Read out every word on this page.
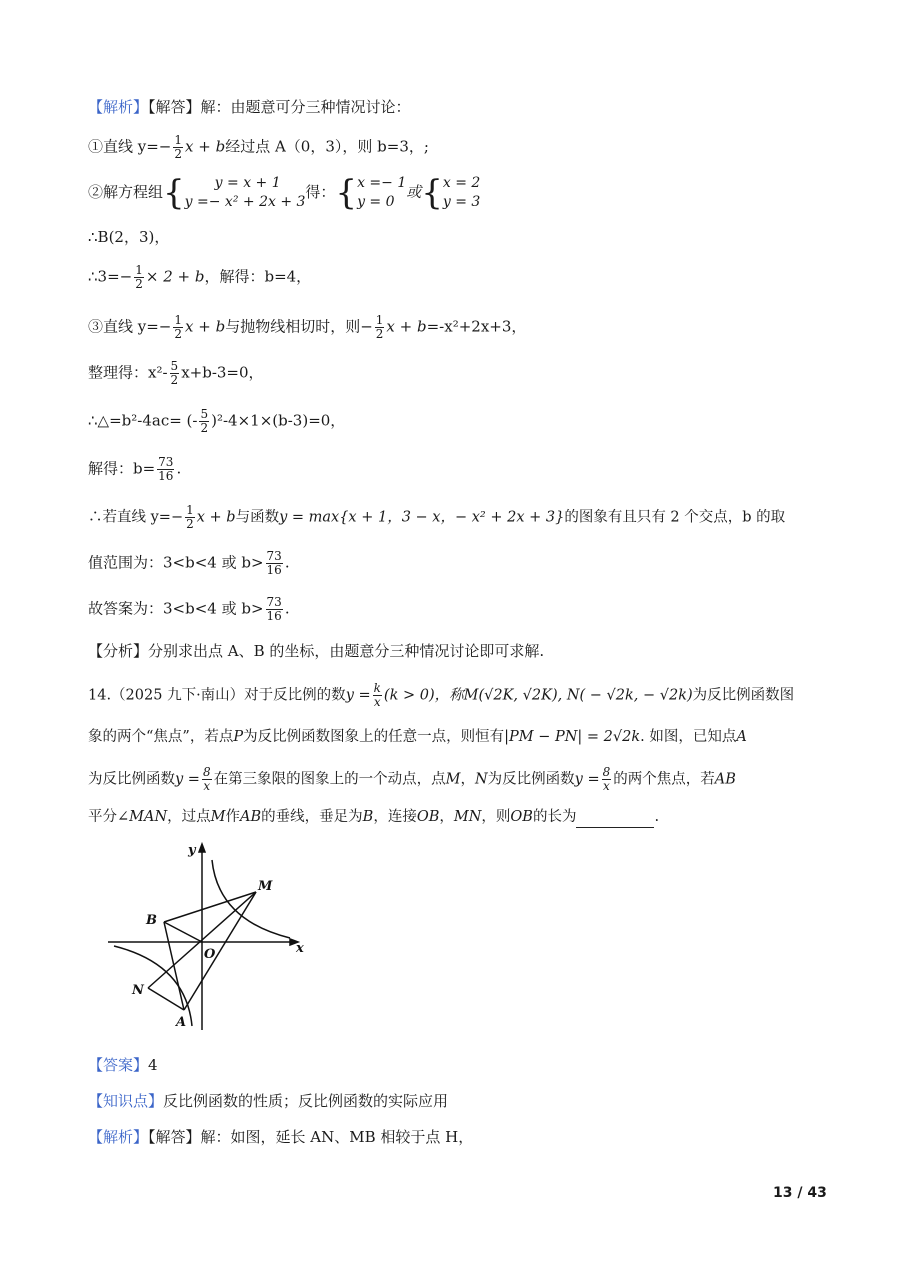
【解析】【解答】解：由题意可分三种情况讨论：
①直线 $y=- \frac{1}{2}$ x + b经过点 A（0，3），则 b=3，;
②解方程组{	y = x + 1
y =− x² + 2x + 3
得：{ x =− 1
y = 0
或{ x = 2
y = 3
∴B(2，3)，
∴3=− $\frac{1}{2} \times 2 + b$，解得：b=4，
③直线 $y=- \frac{1}{2}$ x + b与抛物线相切时，则− $\frac{1}{2}$ x + b=-x²+2x+3，
整理得：$x^2- \frac{5}{2} x+b-3=0$，
∴△=b²-4ac= (- $\frac{5}{2} )^2-4\times 1\times(b-3)=0$，
解得：$b= \frac{73}{16}$ .
∴若直线 $y=- \frac{1}{2}$ x + b与函数y = max{x + 1，3 − x，− x² + 2x + 3}的图象有且只有 2 个交点，b 的取
值范围为：3<b<4 或 $b> \frac{73}{16}$ .
故答案为：3<b<4 或 $b> \frac{73}{16}$ .
【分析】分别求出点 A、B 的坐标，由题意分三种情况讨论即可求解.
14.（2025 九下·南山）对于反比例的数$y = \frac{k}{x} (k > 0)$，称M(√2K, √2K), N( − √2k, − √2k)为反比例函数图
象的两个“焦点”，若点P为反比例函数图象上的任意一点，则恒有|PM − PN| = 2√2k. 如图，已知点A
为反比例函数$y = \frac{8}{x}$ 在第三象限的图象上的一个动点，点M，N为反比例函数$y = \frac{8}{x}$ 的两个焦点，若AB
平分∠MAN，过点M作AB的垂线，垂足为B，连接OB，MN，则OB的长为	.
y
x
M
B
O
N
A
【答案】4
【知识点】反比例函数的性质；反比例函数的实际应用
【解析】【解答】解：如图，延长 AN、MB 相较于点 H，
13 / 43
